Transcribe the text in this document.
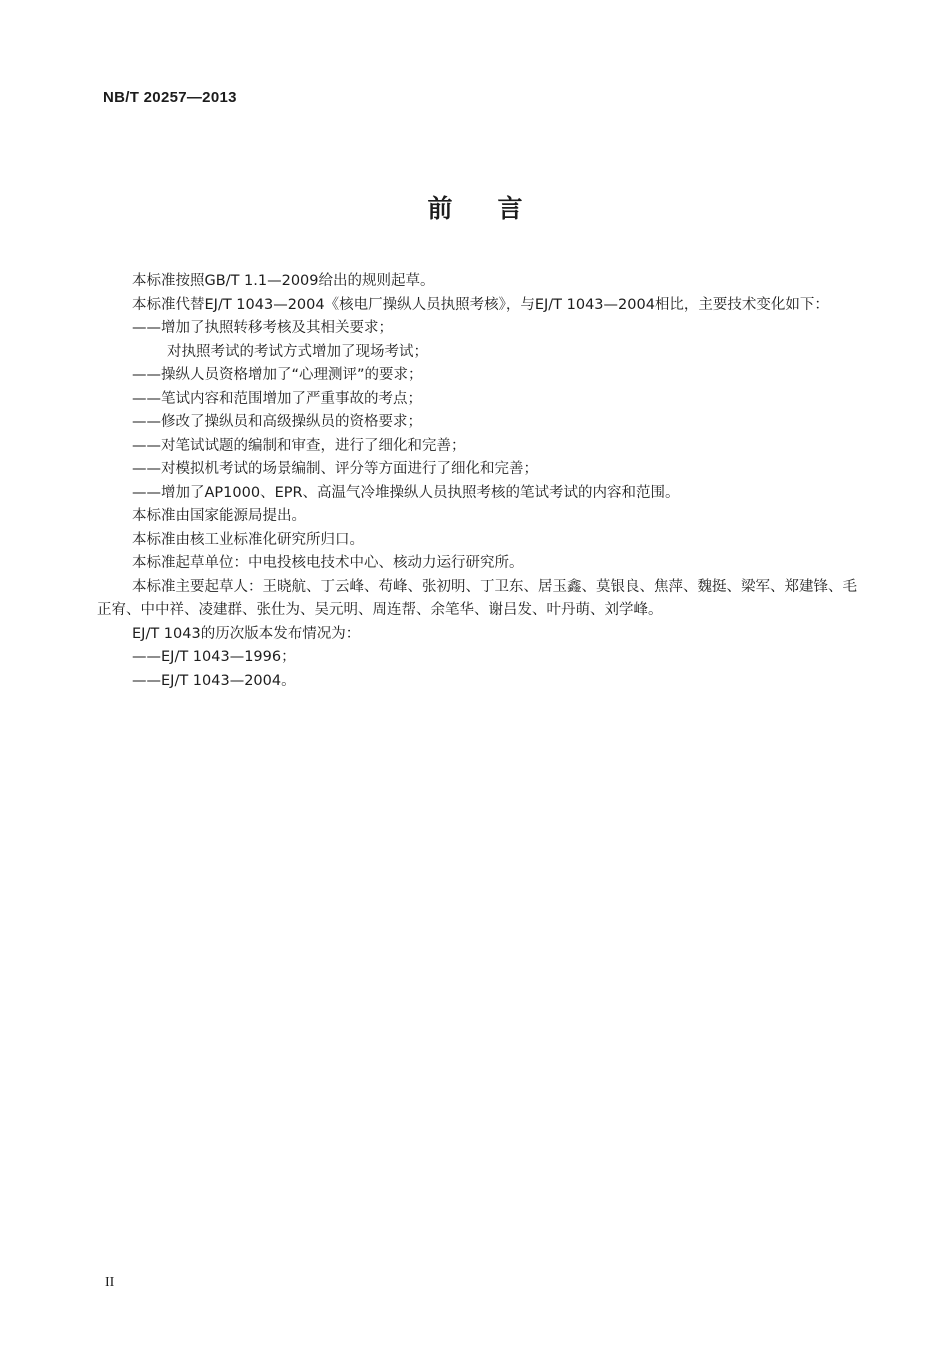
NB/T 20257—2013
前言

本标准按照GB/T 1.1—2009给出的规则起草。

本标准代替EJ/T 1043—2004《核电厂操纵人员执照考核》，与EJ/T 1043—2004相比，主要技术变化如下：

——增加了执照转移考核及其相关要求；

对执照考试的考试方式增加了现场考试；

——操纵人员资格增加了“心理测评”的要求；

——笔试内容和范围增加了严重事故的考点；

——修改了操纵员和高级操纵员的资格要求；

——对笔试试题的编制和审查，进行了细化和完善；

——对模拟机考试的场景编制、评分等方面进行了细化和完善；

——增加了AP1000、EPR、高温气冷堆操纵人员执照考核的笔试考试的内容和范围。

本标准由国家能源局提出。

本标准由核工业标准化研究所归口。

本标准起草单位：中电投核电技术中心、核动力运行研究所。

本标准主要起草人：王晓航、丁云峰、苟峰、张初明、丁卫东、居玉鑫、莫银良、焦萍、魏挺、梁军、郑建锋、毛正宥、中中祥、凌建群、张仕为、吴元明、周连帮、余笔华、谢吕发、叶丹萌、刘学峰。

EJ/T 1043的历次版本发布情况为：

——EJ/T 1043—1996；

——EJ/T 1043—2004。

II
